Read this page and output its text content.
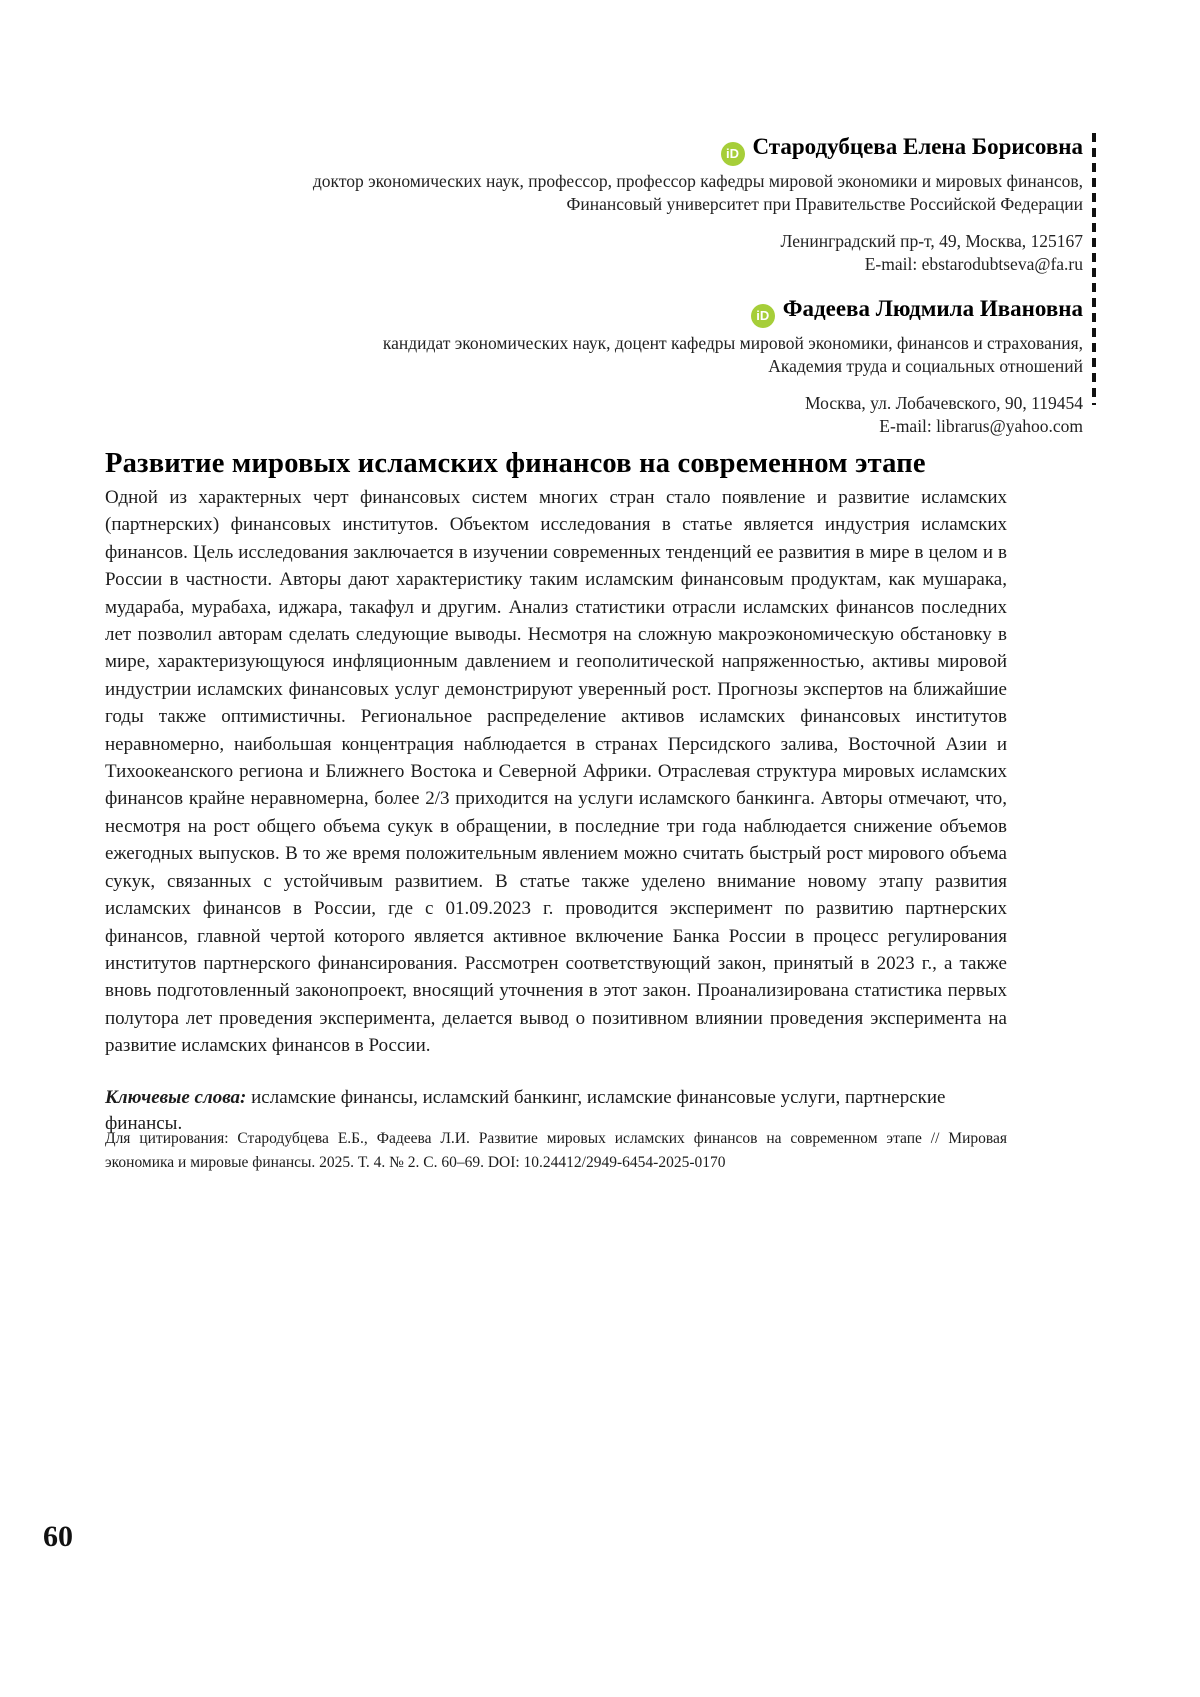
iD Стародубцева Елена Борисовна
доктор экономических наук, профессор, профессор кафедры мировой экономики и мировых финансов,
Финансовый университет при Правительстве Российской Федерации
Ленинградский пр-т, 49, Москва, 125167
E-mail: ebstarodubtseva@fa.ru
iD Фадеева Людмила Ивановна
кандидат экономических наук, доцент кафедры мировой экономики, финансов и страхования,
Академия труда и социальных отношений
Москва, ул. Лобачевского, 90, 119454
E-mail: librarus@yahoo.com
Развитие мировых исламских финансов на современном этапе
Одной из характерных черт финансовых систем многих стран стало появление и развитие исламских (партнерских) финансовых институтов. Объектом исследования в статье является индустрия исламских финансов. Цель исследования заключается в изучении современных тенденций ее развития в мире в целом и в России в частности. Авторы дают характеристику таким исламским финансовым продуктам, как мушарака, мудараба, мурабаха, иджара, такафул и другим. Анализ статистики отрасли исламских финансов последних лет позволил авторам сделать следующие выводы. Несмотря на сложную макроэкономическую обстановку в мире, характеризующуюся инфляционным давлением и геополитической напряженностью, активы мировой индустрии исламских финансовых услуг демонстрируют уверенный рост. Прогнозы экспертов на ближайшие годы также оптимистичны. Региональное распределение активов исламских финансовых институтов неравномерно, наибольшая концентрация наблюдается в странах Персидского залива, Восточной Азии и Тихоокеанского региона и Ближнего Востока и Северной Африки. Отраслевая структура мировых исламских финансов крайне неравномерна, более 2/3 приходится на услуги исламского банкинга. Авторы отмечают, что, несмотря на рост общего объема сукук в обращении, в последние три года наблюдается снижение объемов ежегодных выпусков. В то же время положительным явлением можно считать быстрый рост мирового объема сукук, связанных с устойчивым развитием. В статье также уделено внимание новому этапу развития исламских финансов в России, где с 01.09.2023 г. проводится эксперимент по развитию партнерских финансов, главной чертой которого является активное включение Банка России в процесс регулирования институтов партнерского финансирования. Рассмотрен соответствующий закон, принятый в 2023 г., а также вновь подготовленный законопроект, вносящий уточнения в этот закон. Проанализирована статистика первых полутора лет проведения эксперимента, делается вывод о позитивном влиянии проведения эксперимента на развитие исламских финансов в России.
Ключевые слова: исламские финансы, исламский банкинг, исламские финансовые услуги, партнерские финансы.
Для цитирования: Стародубцева Е.Б., Фадеева Л.И. Развитие мировых исламских финансов на современном этапе // Мировая экономика и мировые финансы. 2025. Т. 4. № 2. С. 60–69. DOI: 10.24412/2949-6454-2025-0170
60
